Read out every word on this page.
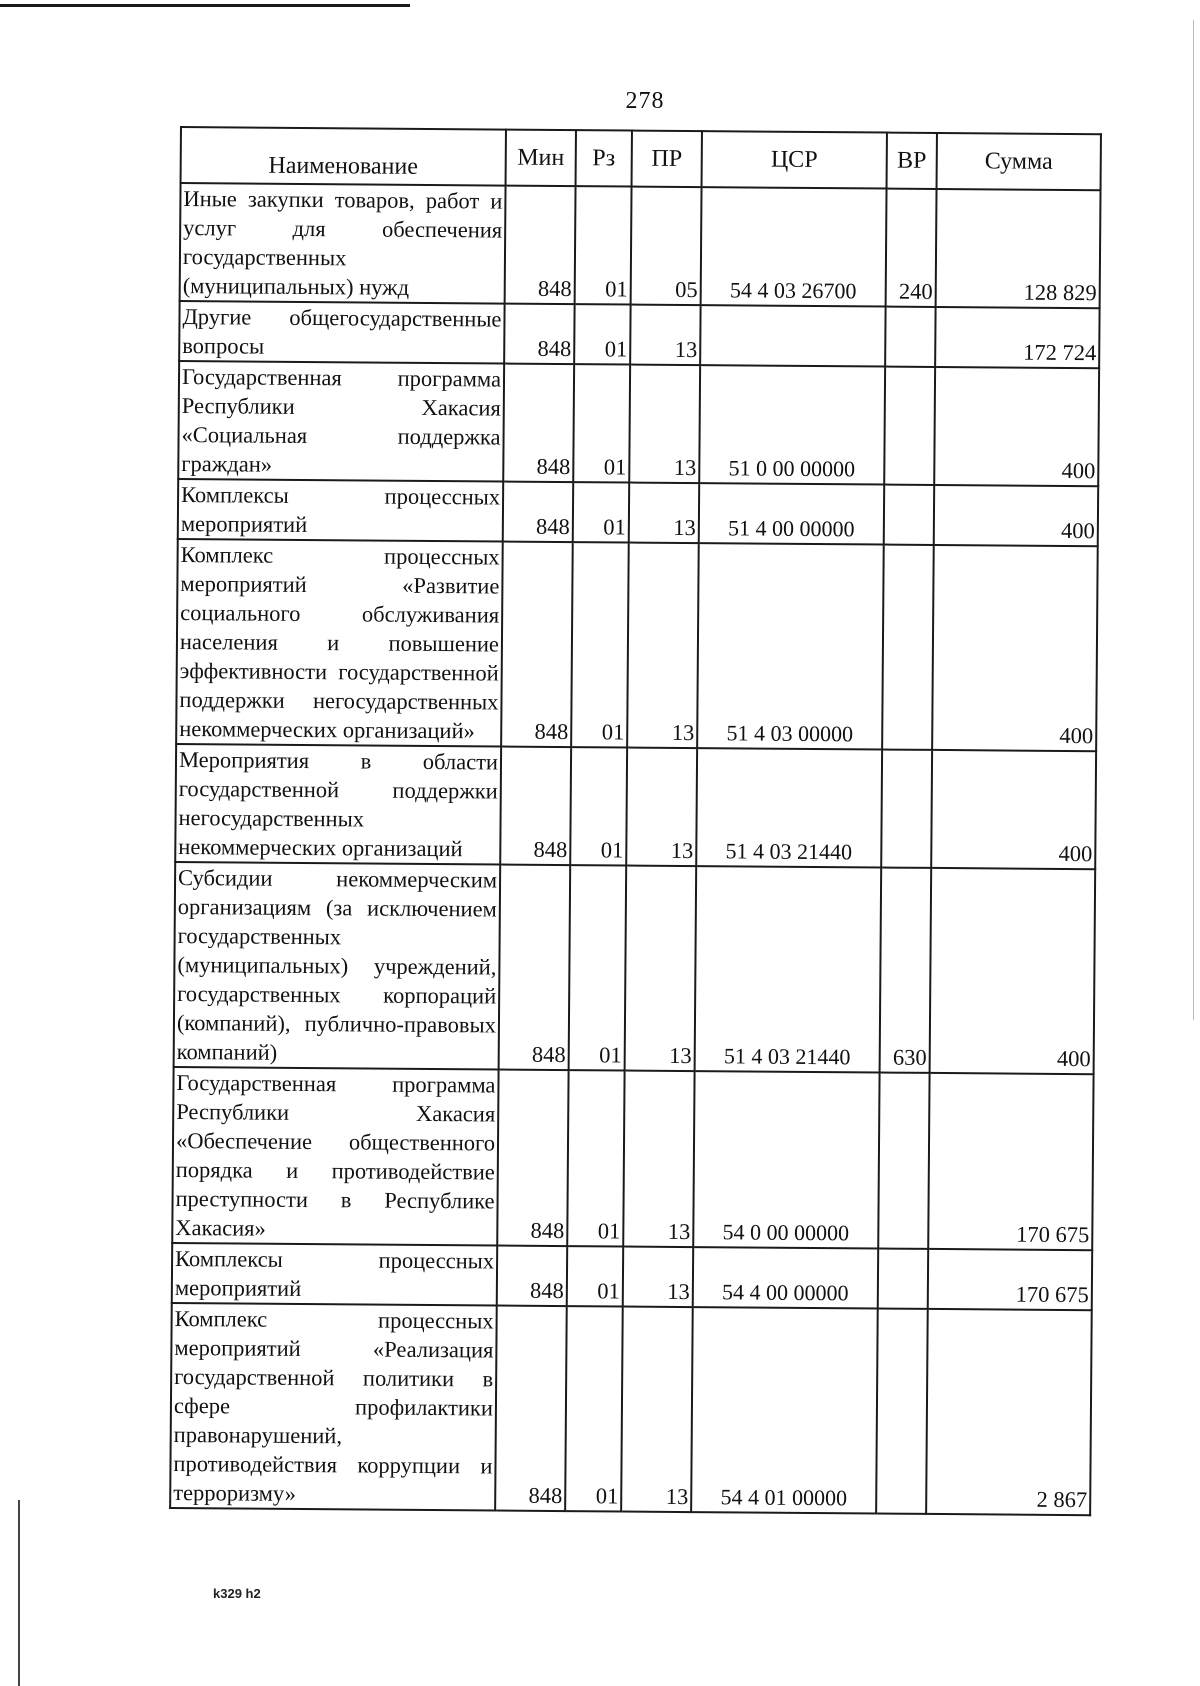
278
Наименование	Мин	Рз	ПР	ЦСР	ВР	Сумма
Иные закупки товаров, работ и услуг для обеспечения государственных (муниципальных) нужд	848	01	05	54 4 03 26700	240	128 829
Другие общегосударственные вопросы	848	01	13			172 724
Государственная программа Республики Хакасия «Социальная поддержка граждан»	848	01	13	51 0 00 00000		400
Комплексы процессных мероприятий	848	01	13	51 4 00 00000		400
Комплекс процессных мероприятий «Развитие социального обслуживания населения и повышение эффективности государственной поддержки негосударственных некоммерческих организаций»	848	01	13	51 4 03 00000		400
Мероприятия в области государственной поддержки негосударственных некоммерческих организаций	848	01	13	51 4 03 21440		400
Субсидии некоммерческим организациям (за исключением государственных (муниципальных) учреждений, государственных корпораций (компаний), публично-правовых компаний)	848	01	13	51 4 03 21440	630	400
Государственная программа Республики Хакасия «Обеспечение общественного порядка и противодействие преступности в Республике Хакасия»	848	01	13	54 0 00 00000		170 675
Комплексы процессных мероприятий	848	01	13	54 4 00 00000		170 675
Комплекс процессных мероприятий «Реализация государственной политики в сфере профилактики правонарушений, противодействия коррупции и терроризму»	848	01	13	54 4 01 00000		2 867
k329 h2
